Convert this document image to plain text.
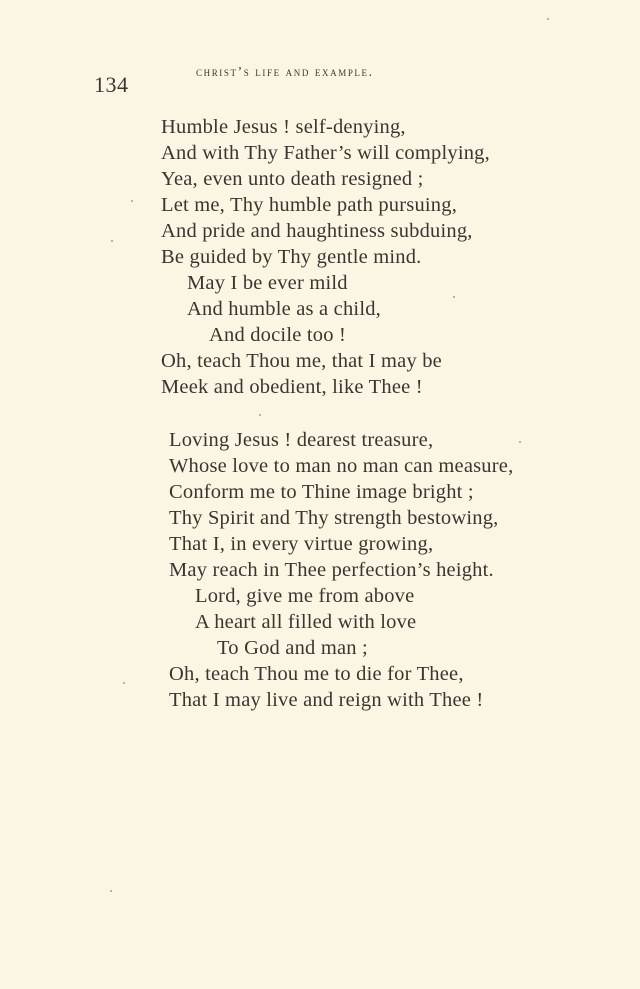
134
christ’s life and example.
Humble Jesus ! self-denying,
And with Thy Father’s will complying,
Yea, even unto death resigned ;
Let me, Thy humble path pursuing,
And pride and haughtiness subduing,
Be guided by Thy gentle mind.
May I be ever mild
And humble as a child,
And docile too !
Oh, teach Thou me, that I may be
Meek and obedient, like Thee !
Loving Jesus ! dearest treasure,
Whose love to man no man can measure,
Conform me to Thine image bright ;
Thy Spirit and Thy strength bestowing,
That I, in every virtue growing,
May reach in Thee perfection’s height.
Lord, give me from above
A heart all filled with love
To God and man ;
Oh, teach Thou me to die for Thee,
That I may live and reign with Thee !
